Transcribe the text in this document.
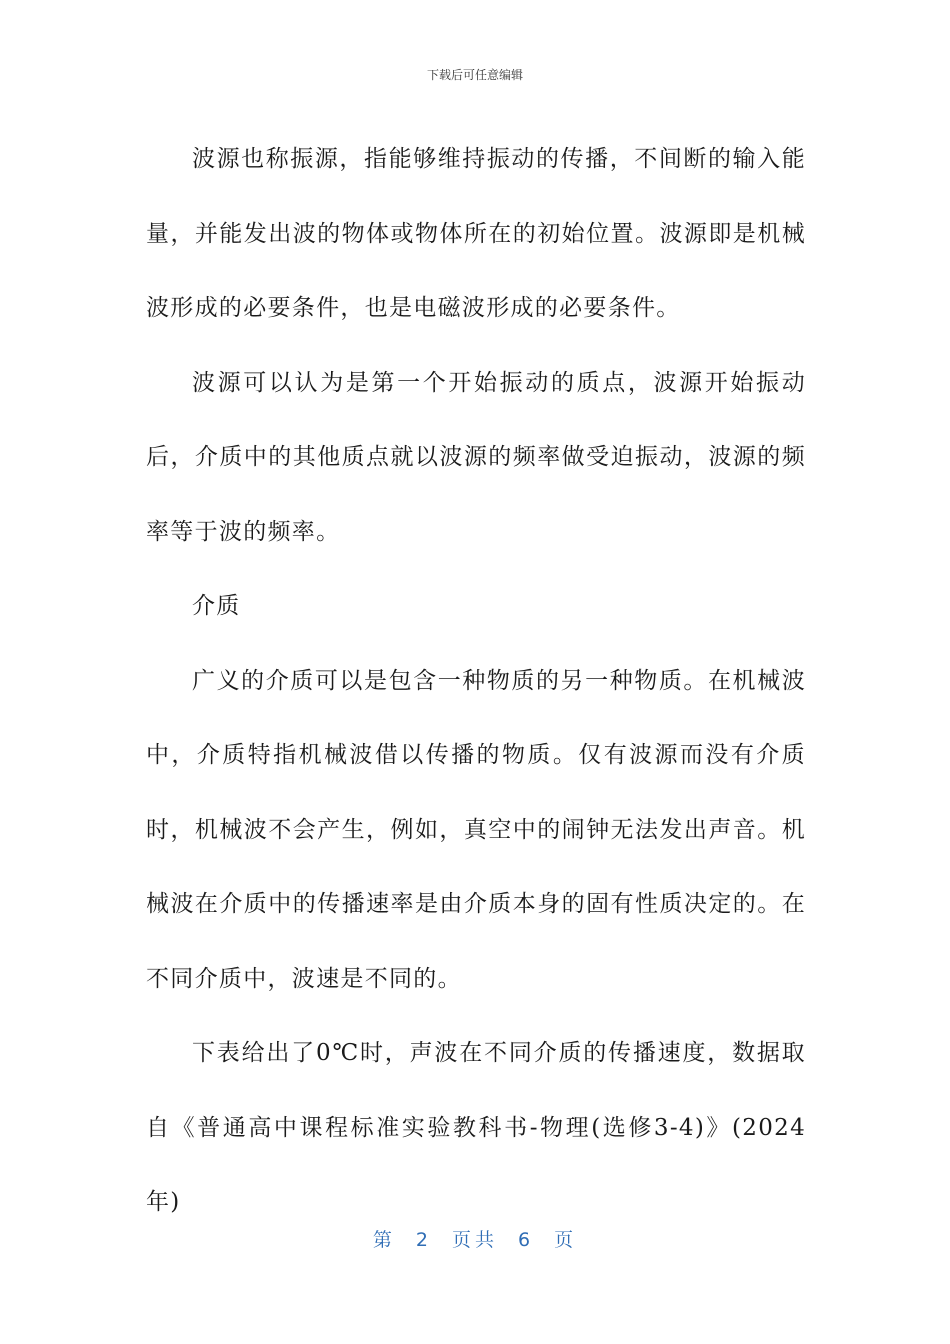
下载后可任意编辑

波源也称振源，指能够维持振动的传播，不间断的输入能量，并能发出波的物体或物体所在的初始位置。波源即是机械波形成的必要条件，也是电磁波形成的必要条件。

波源可以认为是第一个开始振动的质点，波源开始振动后，介质中的其他质点就以波源的频率做受迫振动，波源的频率等于波的频率。

介质

广义的介质可以是包含一种物质的另一种物质。在机械波中，介质特指机械波借以传播的物质。仅有波源而没有介质时，机械波不会产生，例如，真空中的闹钟无法发出声音。机械波在介质中的传播速率是由介质本身的固有性质决定的。在不同介质中，波速是不同的。

下表给出了0℃时，声波在不同介质的传播速度，数据取自《普通高中课程标准实验教科书-物理(选修3-4)》(2024年)

第 2 页共 6 页
